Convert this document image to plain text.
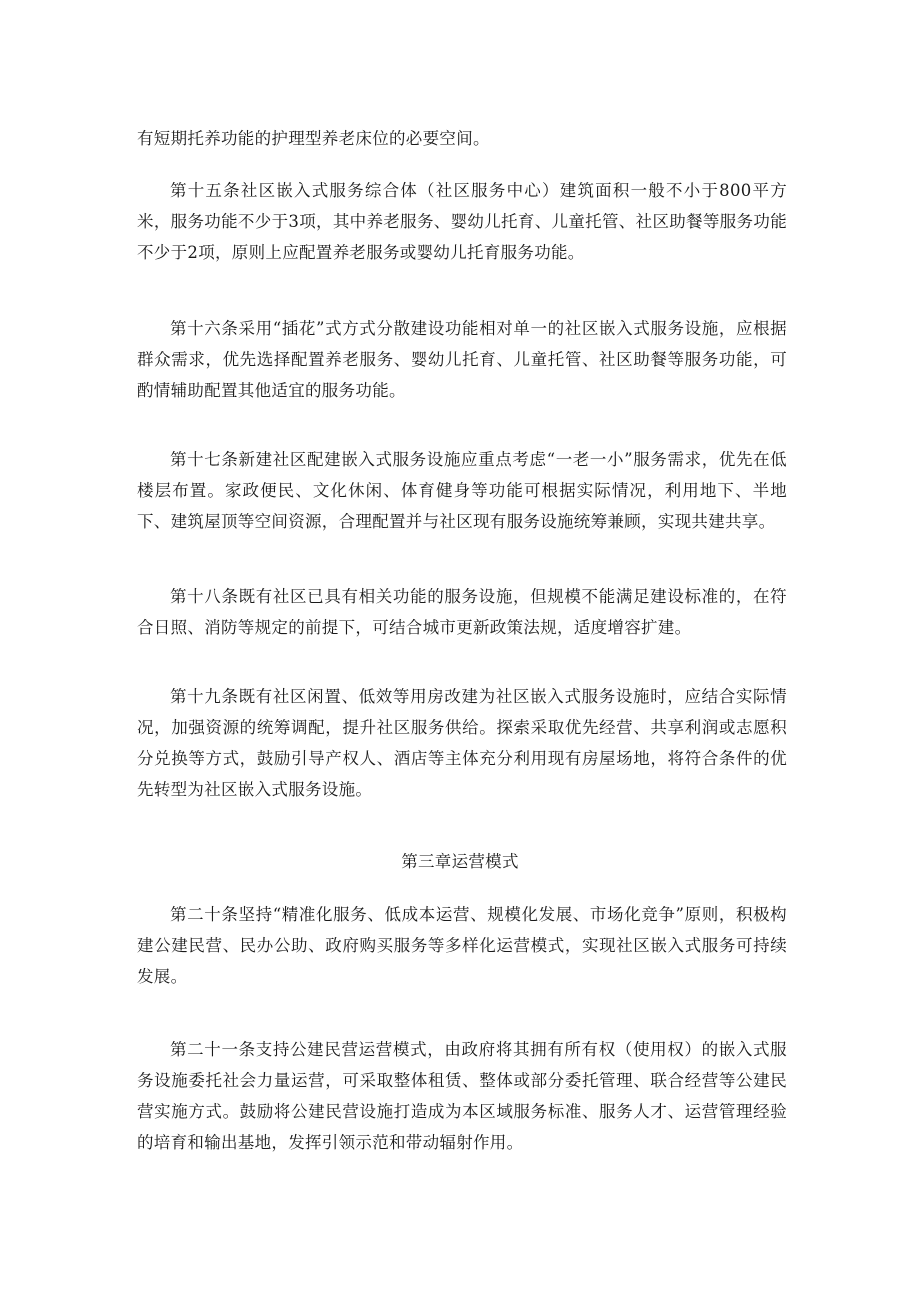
有短期托养功能的护理型养老床位的必要空间。

第十五条社区嵌入式服务综合体（社区服务中心）建筑面积一般不小于800平方米，服务功能不少于3项，其中养老服务、婴幼儿托育、儿童托管、社区助餐等服务功能不少于2项，原则上应配置养老服务或婴幼儿托育服务功能。

第十六条采用“插花”式方式分散建设功能相对单一的社区嵌入式服务设施，应根据群众需求，优先选择配置养老服务、婴幼儿托育、儿童托管、社区助餐等服务功能，可酌情辅助配置其他适宜的服务功能。

第十七条新建社区配建嵌入式服务设施应重点考虑“一老一小”服务需求，优先在低楼层布置。家政便民、文化休闲、体育健身等功能可根据实际情况，利用地下、半地下、建筑屋顶等空间资源，合理配置并与社区现有服务设施统筹兼顾，实现共建共享。

第十八条既有社区已具有相关功能的服务设施，但规模不能满足建设标准的，在符合日照、消防等规定的前提下，可结合城市更新政策法规，适度增容扩建。

第十九条既有社区闲置、低效等用房改建为社区嵌入式服务设施时，应结合实际情况，加强资源的统筹调配，提升社区服务供给。探索采取优先经营、共享利润或志愿积分兑换等方式，鼓励引导产权人、酒店等主体充分利用现有房屋场地，将符合条件的优先转型为社区嵌入式服务设施。

第三章运营模式

第二十条坚持“精准化服务、低成本运营、规模化发展、市场化竞争”原则，积极构建公建民营、民办公助、政府购买服务等多样化运营模式，实现社区嵌入式服务可持续发展。

第二十一条支持公建民营运营模式，由政府将其拥有所有权（使用权）的嵌入式服务设施委托社会力量运营，可采取整体租赁、整体或部分委托管理、联合经营等公建民营实施方式。鼓励将公建民营设施打造成为本区域服务标准、服务人才、运营管理经验的培育和输出基地，发挥引领示范和带动辐射作用。
